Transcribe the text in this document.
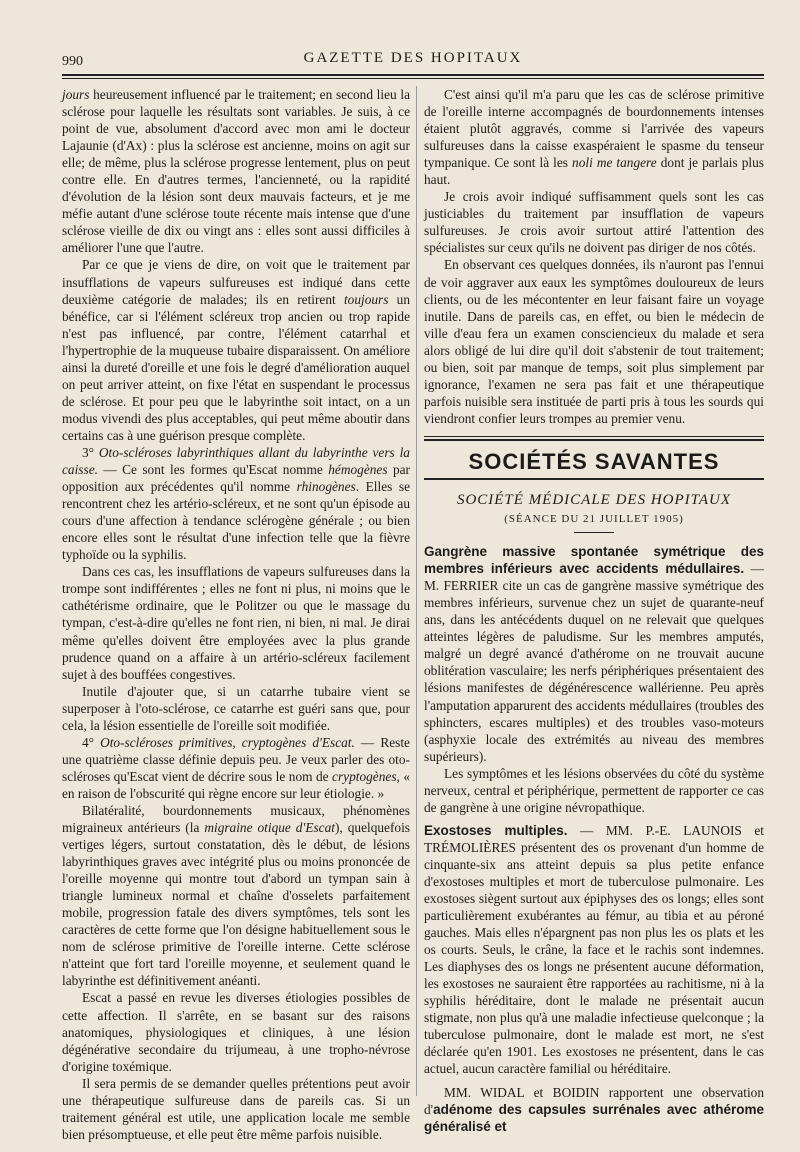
990	GAZETTE DES HOPITAUX

jours heureusement influencé par le traitement; en second lieu la sclérose pour laquelle les résultats sont variables. Je suis, à ce point de vue, absolument d'accord avec mon ami le docteur Lajaunie (d'Ax) : plus la sclérose est ancienne, moins on agit sur elle; de même, plus la sclérose progresse lentement, plus on peut contre elle. En d'autres termes, l'ancienneté, ou la rapidité d'évolution de la lésion sont deux mauvais facteurs, et je me méfie autant d'une sclérose toute récente mais intense que d'une sclérose vieille de dix ou vingt ans : elles sont aussi difficiles à améliorer l'une que l'autre.

Par ce que je viens de dire, on voit que le traitement par insufflations de vapeurs sulfureuses est indiqué dans cette deuxième catégorie de malades; ils en retirent toujours un bénéfice, car si l'élément scléreux trop ancien ou trop rapide n'est pas influencé, par contre, l'élément catarrhal et l'hypertrophie de la muqueuse tubaire disparaissent. On améliore ainsi la dureté d'oreille et une fois le degré d'amélioration auquel on peut arriver atteint, on fixe l'état en suspendant le processus de sclérose. Et pour peu que le labyrinthe soit intact, on a un modus vivendi des plus acceptables, qui peut même aboutir dans certains cas à une guérison presque complète.

3° Oto-scléroses labyrinthiques allant du labyrinthe vers la caisse. — Ce sont les formes qu'Escat nomme hémogènes par opposition aux précédentes qu'il nomme rhinogènes. Elles se rencontrent chez les artério-scléreux, et ne sont qu'un épisode au cours d'une affection à tendance sclérogène générale ; ou bien encore elles sont le résultat d'une infection telle que la fièvre typhoïde ou la syphilis.

Dans ces cas, les insufflations de vapeurs sulfureuses dans la trompe sont indifférentes ; elles ne font ni plus, ni moins que le cathétérisme ordinaire, que le Politzer ou que le massage du tympan, c'est-à-dire qu'elles ne font rien, ni bien, ni mal. Je dirai même qu'elles doivent être employées avec la plus grande prudence quand on a affaire à un artério-scléreux facilement sujet à des bouffées congestives.

Inutile d'ajouter que, si un catarrhe tubaire vient se superposer à l'oto-sclérose, ce catarrhe est guéri sans que, pour cela, la lésion essentielle de l'oreille soit modifiée.

4° Oto-scléroses primitives, cryptogènes d'Escat. — Reste une quatrième classe définie depuis peu. Je veux parler des oto-scléroses qu'Escat vient de décrire sous le nom de cryptogènes, « en raison de l'obscurité qui règne encore sur leur étiologie. »

Bilatéralité, bourdonnements musicaux, phénomènes migraineux antérieurs (la migraine otique d'Escat), quelquefois vertiges légers, surtout constatation, dès le début, de lésions labyrinthiques graves avec intégrité plus ou moins prononcée de l'oreille moyenne qui montre tout d'abord un tympan sain à triangle lumineux normal et chaîne d'osselets parfaitement mobile, progression fatale des divers symptômes, tels sont les caractères de cette forme que l'on désigne habituellement sous le nom de sclérose primitive de l'oreille interne. Cette sclérose n'atteint que fort tard l'oreille moyenne, et seulement quand le labyrinthe est définitivement anéanti.

Escat a passé en revue les diverses étiologies possibles de cette affection. Il s'arrête, en se basant sur des raisons anatomiques, physiologiques et cliniques, à une lésion dégénérative secondaire du trijumeau, à une tropho-névrose d'origine toxémique.

Il sera permis de se demander quelles prétentions peut avoir une thérapeutique sulfureuse dans de pareils cas. Si un traitement général est utile, une application locale me semble bien présomptueuse, et elle peut être même parfois nuisible.

C'est ainsi qu'il m'a paru que les cas de sclérose primitive de l'oreille interne accompagnés de bourdonnements intenses étaient plutôt aggravés, comme si l'arrivée des vapeurs sulfureuses dans la caisse exaspéraient le spasme du tenseur tympanique. Ce sont là les noli me tangere dont je parlais plus haut.

Je crois avoir indiqué suffisamment quels sont les cas justiciables du traitement par insufflation de vapeurs sulfureuses. Je crois avoir surtout attiré l'attention des spécialistes sur ceux qu'ils ne doivent pas diriger de nos côtés.

En observant ces quelques données, ils n'auront pas l'ennui de voir aggraver aux eaux les symptômes douloureux de leurs clients, ou de les mécontenter en leur faisant faire un voyage inutile. Dans de pareils cas, en effet, ou bien le médecin de ville d'eau fera un examen consciencieux du malade et sera alors obligé de lui dire qu'il doit s'abstenir de tout traitement; ou bien, soit par manque de temps, soit plus simplement par ignorance, l'examen ne sera pas fait et une thérapeutique parfois nuisible sera instituée de parti pris à tous les sourds qui viendront confier leurs trompes au premier venu.

SOCIÉTÉS SAVANTES
SOCIÉTÉ MÉDICALE DES HOPITAUX
(SÉANCE DU 21 JUILLET 1905)

Gangrène massive spontanée symétrique des membres inférieurs avec accidents médullaires. — M. FERRIER cite un cas de gangrène massive symétrique des membres inférieurs, survenue chez un sujet de quarante-neuf ans, dans les antécédents duquel on ne relevait que quelques atteintes légères de paludisme. Sur les membres amputés, malgré un degré avancé d'athérome on ne trouvait aucune oblitération vasculaire; les nerfs périphériques présentaient des lésions manifestes de dégénérescence wallérienne. Peu après l'amputation apparurent des accidents médullaires (troubles des sphincters, escares multiples) et des troubles vaso-moteurs (asphyxie locale des extrémités au niveau des membres supérieurs).

Les symptômes et les lésions observées du côté du système nerveux, central et périphérique, permettent de rapporter ce cas de gangrène à une origine névropathique.

Exostoses multiples. — MM. P.-E. LAUNOIS et TRÉMOLIÈRES présentent des os provenant d'un homme de cinquante-six ans atteint depuis sa plus petite enfance d'exostoses multiples et mort de tuberculose pulmonaire. Les exostoses siègent surtout aux épiphyses des os longs; elles sont particulièrement exubérantes au fémur, au tibia et au péroné gauches. Mais elles n'épargnent pas non plus les os plats et les os courts. Seuls, le crâne, la face et le rachis sont indemnes. Les diaphyses des os longs ne présentent aucune déformation, les exostoses ne sauraient être rapportées au rachitisme, ni à la syphilis héréditaire, dont le malade ne présentait aucun stigmate, non plus qu'à une maladie infectieuse quelconque ; la tuberculose pulmonaire, dont le malade est mort, ne s'est déclarée qu'en 1901. Les exostoses ne présentent, dans le cas actuel, aucun caractère familial ou héréditaire.

MM. WIDAL et BOIDIN rapportent une observation d'adénome des capsules surrénales avec athérome généralisé et
